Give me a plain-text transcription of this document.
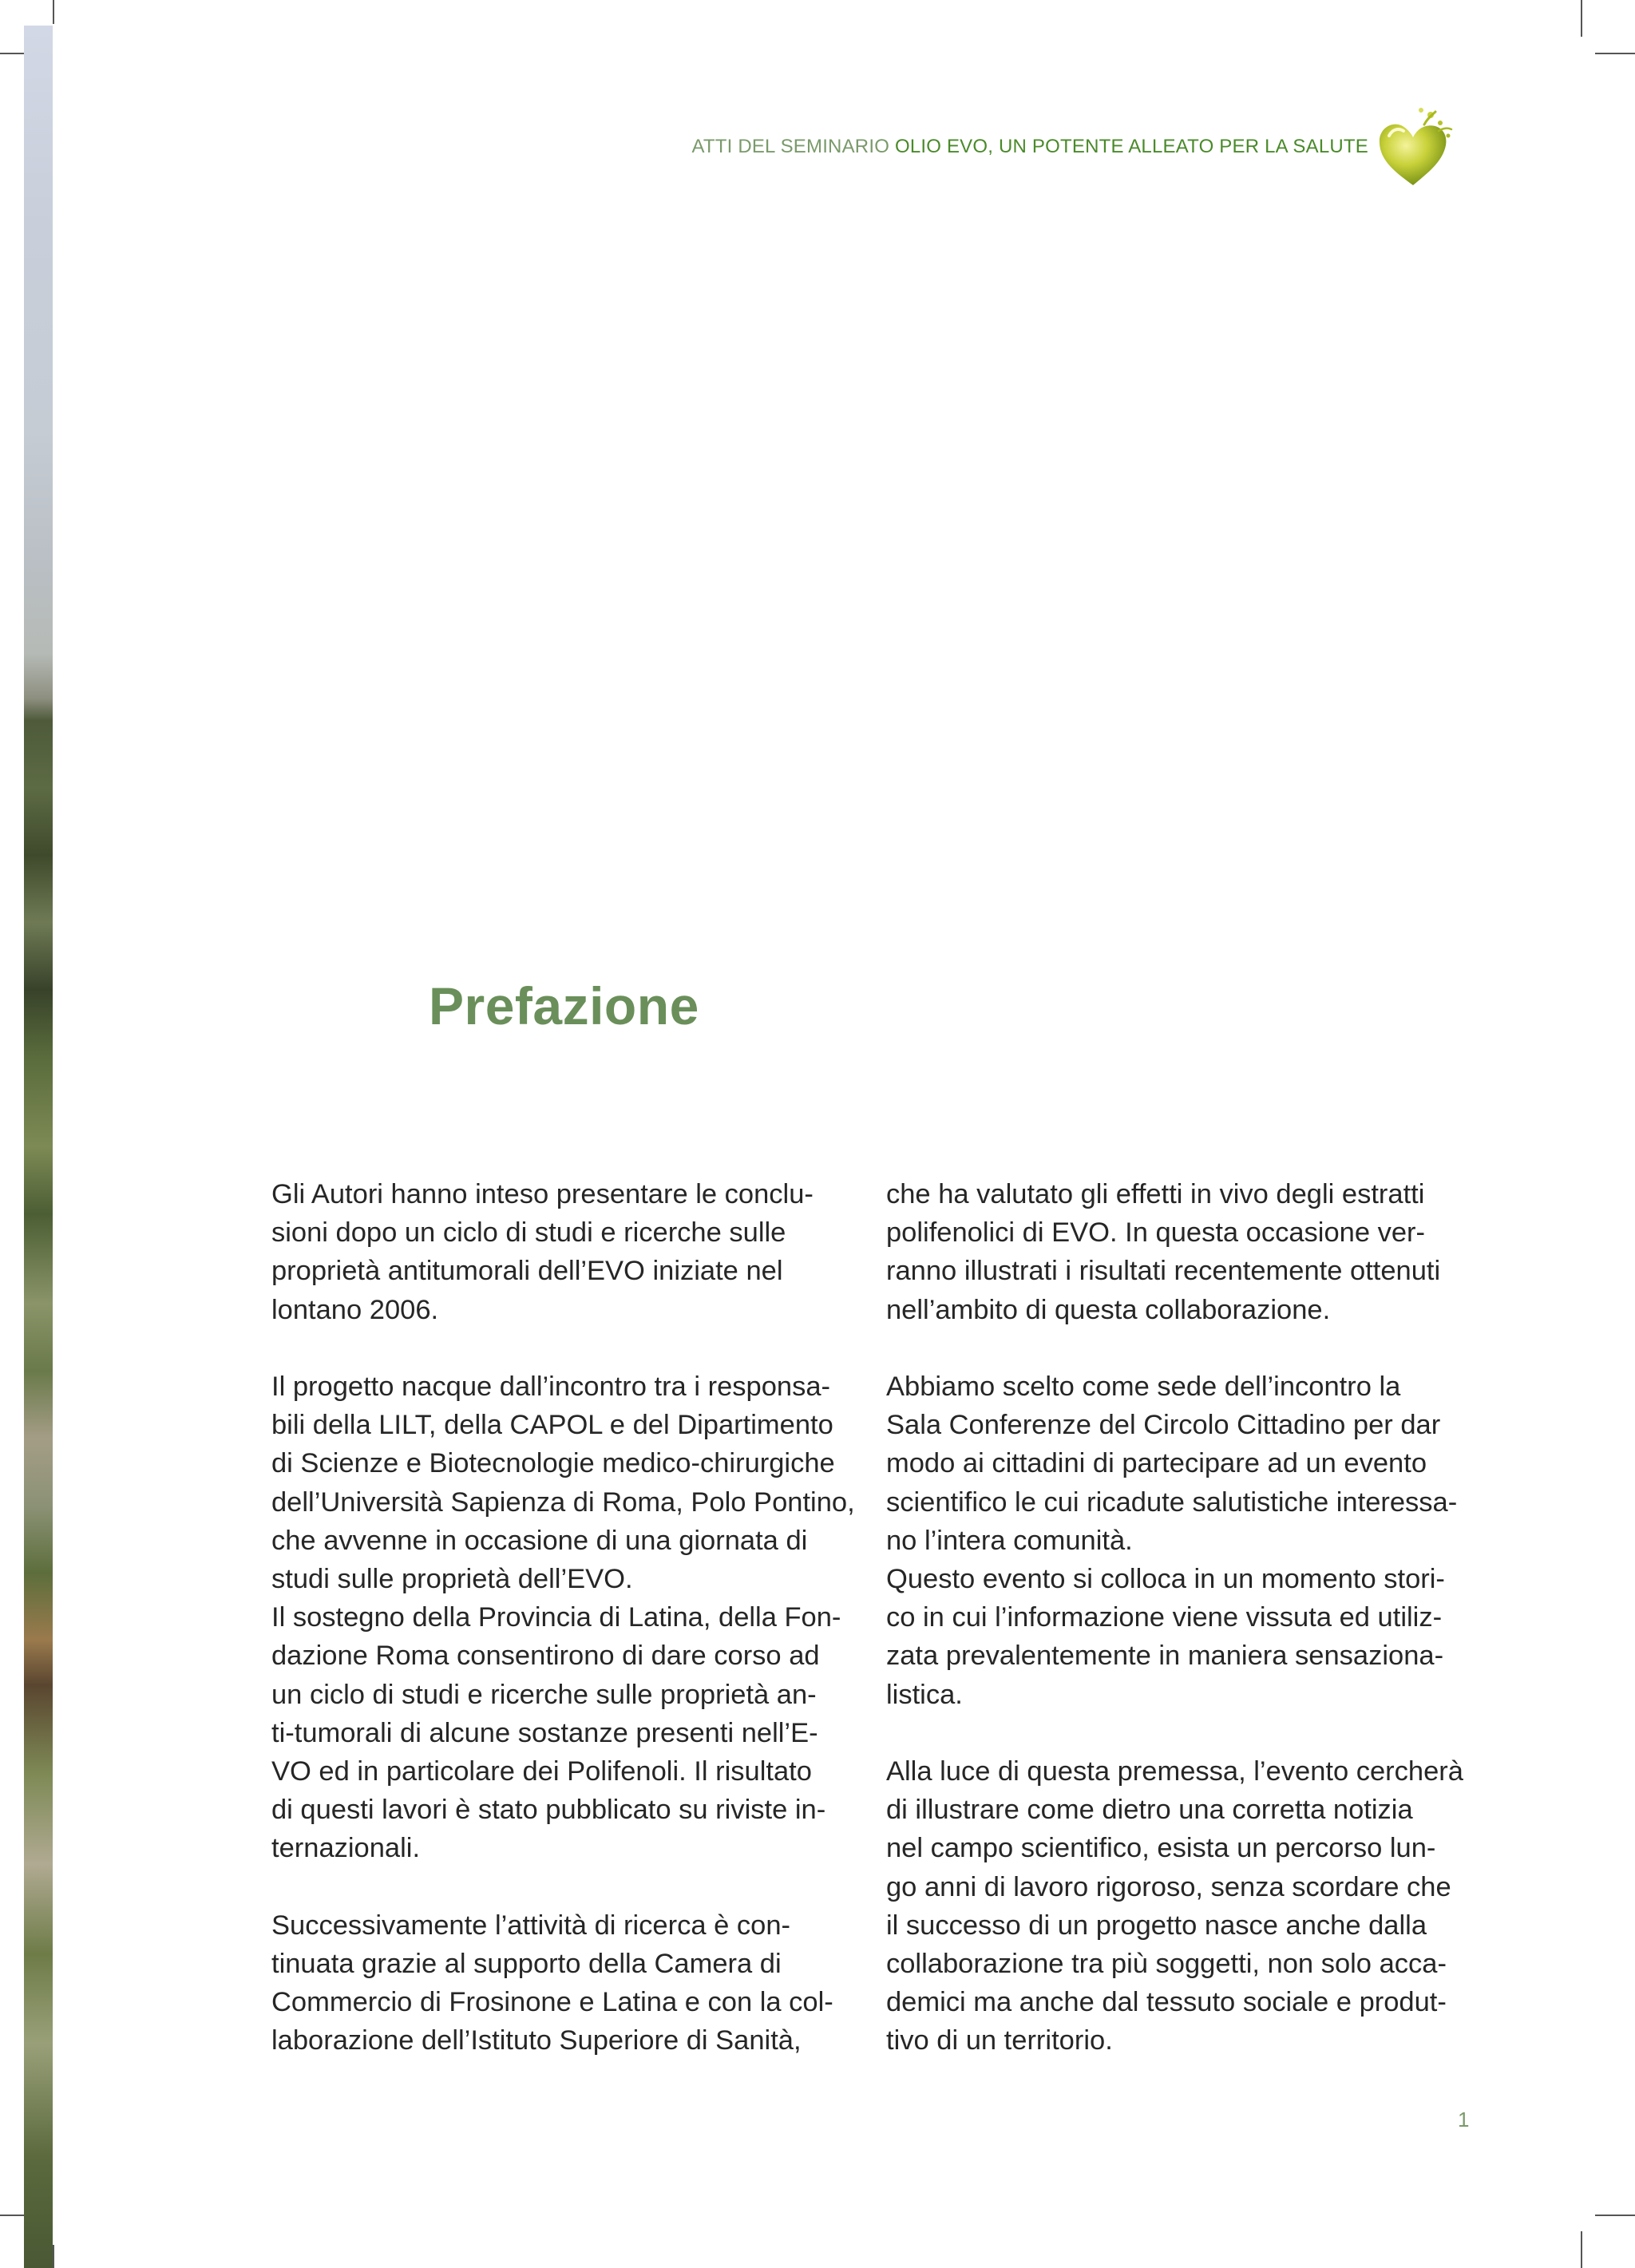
ATTI DEL SEMINARIO OLIO EVO, UN POTENTE ALLEATO PER LA SALUTE
Prefazione

Gli Autori hanno inteso presentare le conclu-
sioni dopo un ciclo di studi e ricerche sulle
proprietà antitumorali dell’EVO iniziate nel
lontano 2006.

Il progetto nacque dall’incontro tra i responsa-
bili della LILT, della CAPOL e del Dipartimento
di Scienze e Biotecnologie medico-chirurgiche
dell’Università Sapienza di Roma, Polo Pontino,
che avvenne in occasione di una giornata di
studi sulle proprietà dell’EVO.

Il sostegno della Provincia di Latina, della Fon-
dazione Roma consentirono di dare corso ad
un ciclo di studi e ricerche sulle proprietà an-
ti-tumorali di alcune sostanze presenti nell’E-
VO ed in particolare dei Polifenoli. Il risultato
di questi lavori è stato pubblicato su riviste in-
ternazionali.

Successivamente l’attività di ricerca è con-
tinuata grazie al supporto della Camera di
Commercio di Frosinone e Latina e con la col-
laborazione dell’Istituto Superiore di Sanità,

che ha valutato gli effetti in vivo degli estratti
polifenolici di EVO. In questa occasione ver-
ranno illustrati i risultati recentemente ottenuti
nell’ambito di questa collaborazione.

Abbiamo scelto come sede dell’incontro la
Sala Conferenze del Circolo Cittadino per dar
modo ai cittadini di partecipare ad un evento
scientifico le cui ricadute salutistiche interessa-
no l’intera comunità.

Questo evento si colloca in un momento stori-
co in cui l’informazione viene vissuta ed utiliz-
zata prevalentemente in maniera sensaziona-
listica.

Alla luce di questa premessa, l’evento cercherà
di illustrare come dietro una corretta notizia
nel campo scientifico, esista un percorso lun-
go anni di lavoro rigoroso, senza scordare che
il successo di un progetto nasce anche dalla
collaborazione tra più soggetti, non solo acca-
demici ma anche dal tessuto sociale e produt-
tivo di un territorio.

1
